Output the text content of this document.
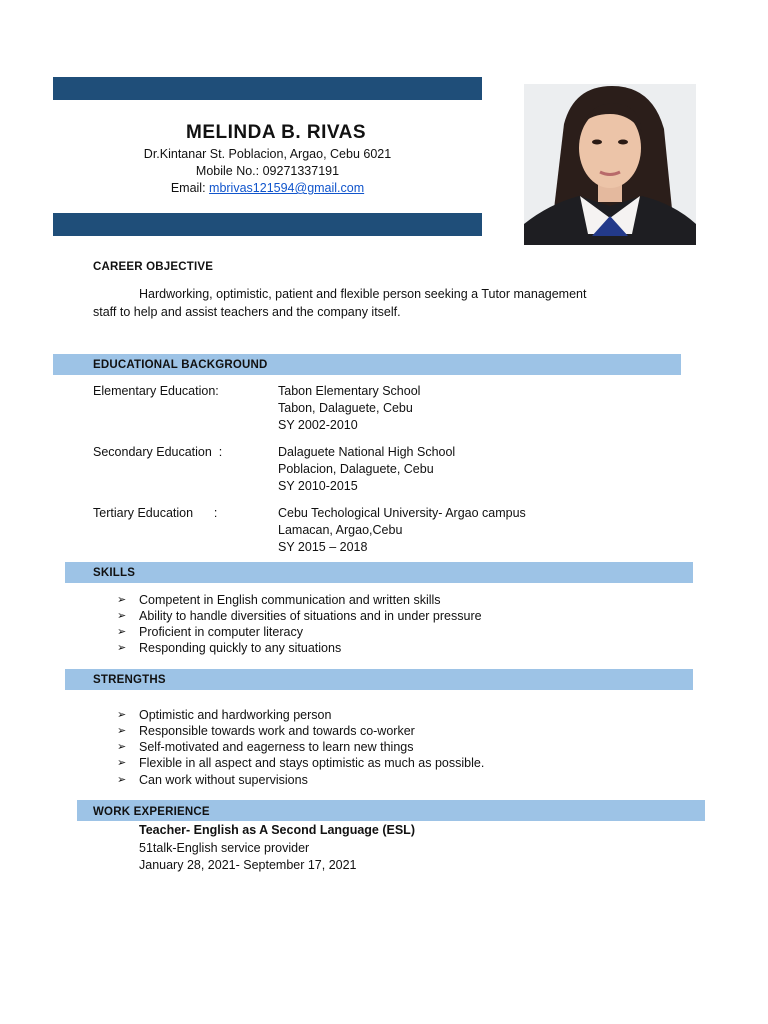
MELINDA B. RIVAS
Dr.Kintanar St. Poblacion, Argao, Cebu 6021
Mobile No.: 09271337191
Email: mbrivas121594@gmail.com
CAREER OBJECTIVE
Hardworking, optimistic, patient and flexible person seeking a Tutor management
staff to help and assist teachers and the company itself.
EDUCATIONAL BACKGROUND
Elementary Education:	Tabon Elementary School
Tabon, Dalaguete, Cebu
SY 2002-2010
Secondary Education  :	Dalaguete National High School
Poblacion, Dalaguete, Cebu
SY 2010-2015
Tertiary Education      :	Cebu Techological University- Argao campus
Lamacan, Argao,Cebu
SY 2015 – 2018
SKILLS
➢ Competent in English communication and written skills
➢ Ability to handle diversities of situations and in under pressure
➢ Proficient in computer literacy
➢ Responding quickly to any situations
STRENGTHS
➢ Optimistic and hardworking person
➢ Responsible towards work and towards co-worker
➢ Self-motivated and eagerness to learn new things
➢ Flexible in all aspect and stays optimistic as much as possible.
➢ Can work without supervisions
WORK EXPERIENCE
Teacher- English as A Second Language (ESL)
51talk-English service provider
January 28, 2021- September 17, 2021
